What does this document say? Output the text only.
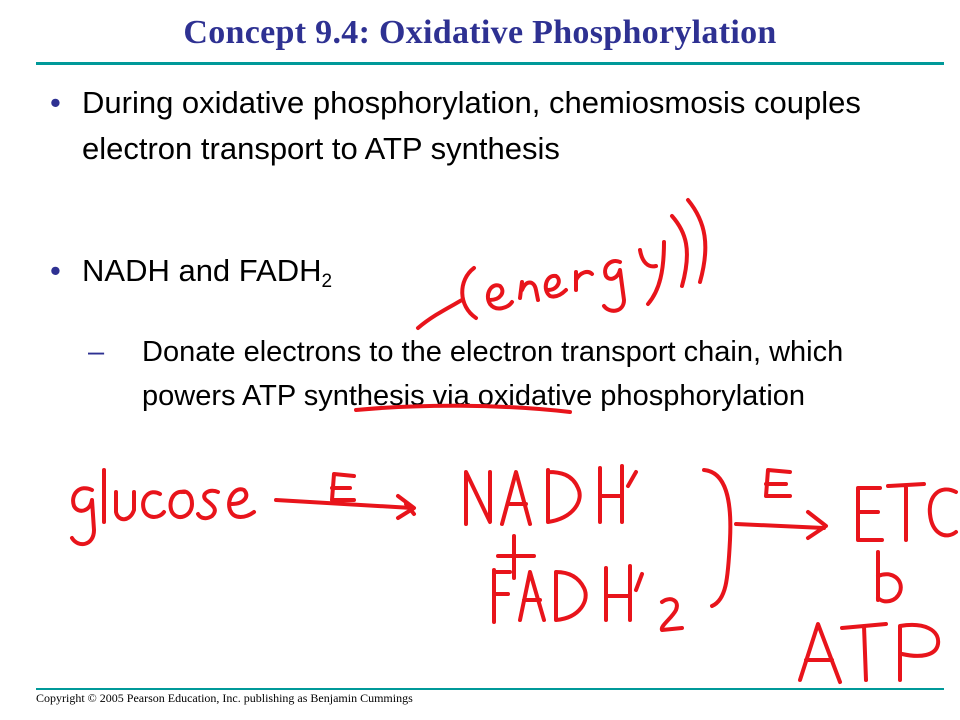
Concept 9.4: Oxidative Phosphorylation
• During oxidative phosphorylation, chemiosmosis couples electron transport to ATP synthesis
• NADH and $FADH_2$
– Donate electrons to the electron transport chain, which powers ATP synthesis via oxidative phosphorylation
Copyright © 2005 Pearson Education, Inc. publishing as Benjamin Cummings
